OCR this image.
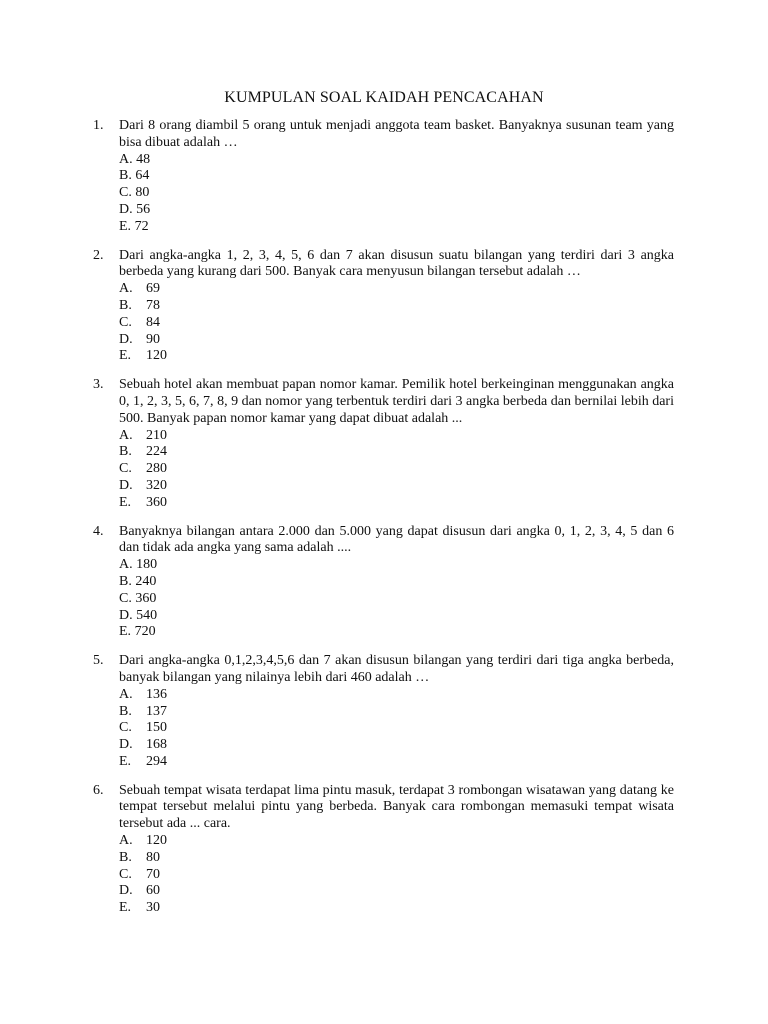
KUMPULAN SOAL KAIDAH PENCACAHAN
1. Dari 8 orang diambil 5 orang untuk menjadi anggota team basket. Banyaknya susunan team yang bisa dibuat adalah …
A. 48
B. 64
C. 80
D. 56
E. 72
2. Dari angka-angka 1, 2, 3, 4, 5, 6 dan 7 akan disusun suatu bilangan yang terdiri dari 3 angka berbeda yang kurang dari 500. Banyak cara menyusun bilangan tersebut adalah …
A. 69
B. 78
C. 84
D. 90
E. 120
3. Sebuah hotel akan membuat papan nomor kamar. Pemilik hotel berkeinginan menggunakan angka 0, 1, 2, 3, 5, 6, 7, 8, 9 dan nomor yang terbentuk terdiri dari 3 angka berbeda dan bernilai lebih dari 500. Banyak papan nomor kamar yang dapat dibuat adalah ...
A. 210
B. 224
C. 280
D. 320
E. 360
4. Banyaknya bilangan antara 2.000 dan 5.000 yang dapat disusun dari angka 0, 1, 2, 3, 4, 5 dan 6 dan tidak ada angka yang sama adalah ....
A. 180
B. 240
C. 360
D. 540
E. 720
5. Dari angka-angka 0,1,2,3,4,5,6 dan 7 akan disusun bilangan yang terdiri dari tiga angka berbeda, banyak bilangan yang nilainya lebih dari 460 adalah …
A. 136
B. 137
C. 150
D. 168
E. 294
6. Sebuah tempat wisata terdapat lima pintu masuk, terdapat 3 rombongan wisatawan yang datang ke tempat tersebut melalui pintu yang berbeda. Banyak cara rombongan memasuki tempat wisata tersebut ada ... cara.
A. 120
B. 80
C. 70
D. 60
E. 30
